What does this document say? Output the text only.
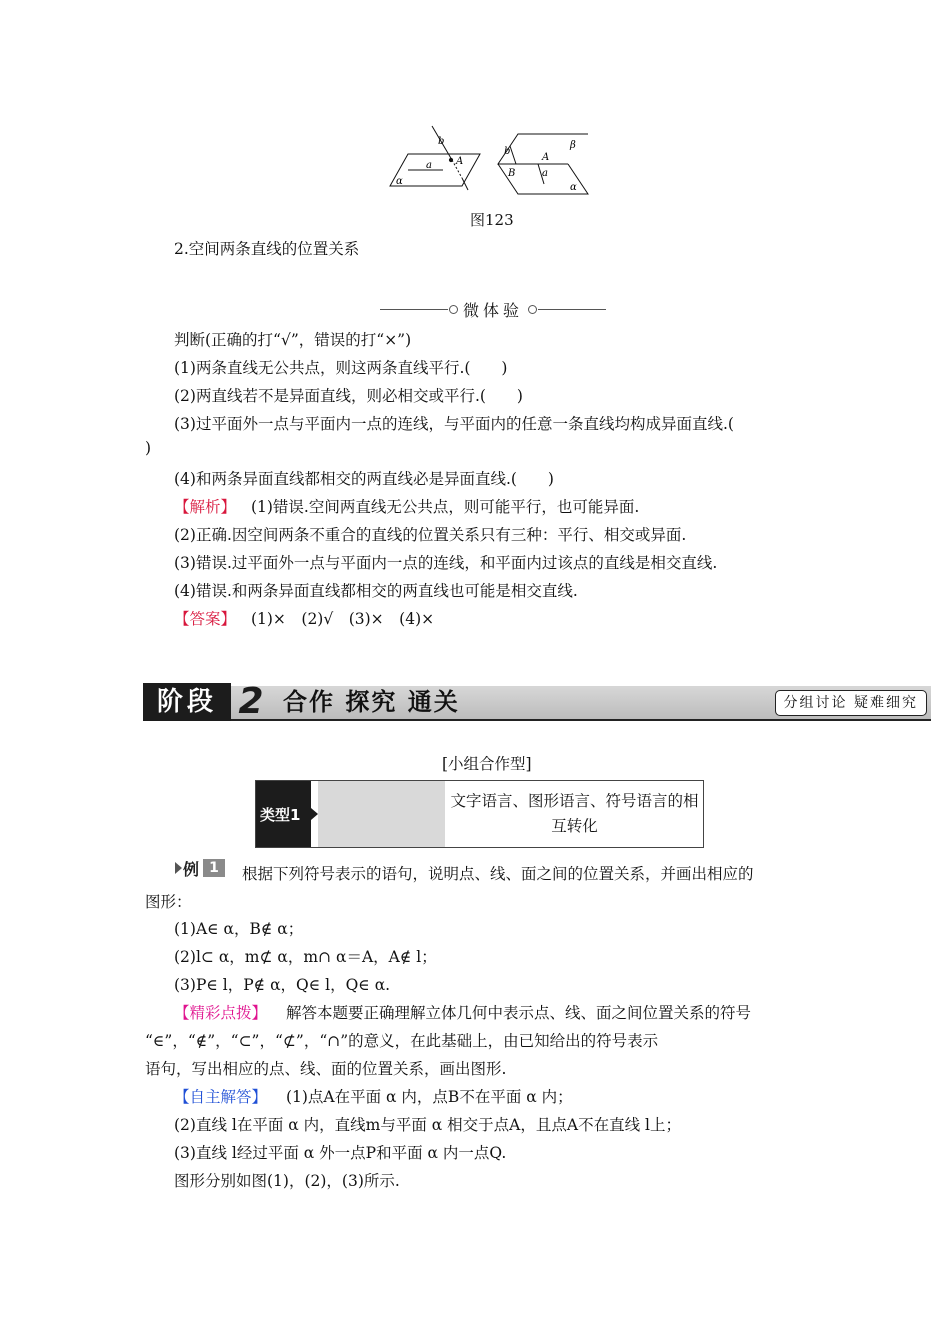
b
A
a
α
b
A
B	a
β
α
图123
2.空间两条直线的位置关系
微体验
判断(正确的打“√”，错误的打“×”)
(1)两条直线无公共点，则这两条直线平行.(　　)
(2)两直线若不是异面直线，则必相交或平行.(　　)
(3)过平面外一点与平面内一点的连线，与平面内的任意一条直线均构成异面直线.(
)
(4)和两条异面直线都相交的两直线必是异面直线.(　　)
【解析】 (1)错误.空间两直线无公共点，则可能平行，也可能异面.
(2)正确.因空间两条不重合的直线的位置关系只有三种：平行、相交或异面.
(3)错误.过平面外一点与平面内一点的连线，和平面内过该点的直线是相交直线.
(4)错误.和两条异面直线都相交的两直线也可能是相交直线.
【答案】 (1)×　(2)√　(3)×　(4)×
阶段 2 合作 探究 通关	分组讨论 疑难细究
[小组合作型]
类型1
文字语言、图形语言、符号语言的相互转化
例 1	根据下列符号表示的语句，说明点、线、面之间的位置关系，并画出相应的
图形：
(1)A∈ α，B∉ α；
(2)l⊂ α，m⊄ α，m∩ α＝A，A∉ l；
(3)P∈ l，P∉ α，Q∈ l，Q∈ α.
【精彩点拨】 解答本题要正确理解立体几何中表示点、线、面之间位置关系的符号
“∈”，“∉”，“⊂”，“⊄”，“∩”的意义，在此基础上，由已知给出的符号表示
语句，写出相应的点、线、面的位置关系，画出图形.
【自主解答】 (1)点A在平面 α 内，点B不在平面 α 内；
(2)直线 l在平面 α 内，直线m与平面 α 相交于点A，且点A不在直线 l上；
(3)直线 l经过平面 α 外一点P和平面 α 内一点Q.
图形分别如图(1)，(2)，(3)所示.
